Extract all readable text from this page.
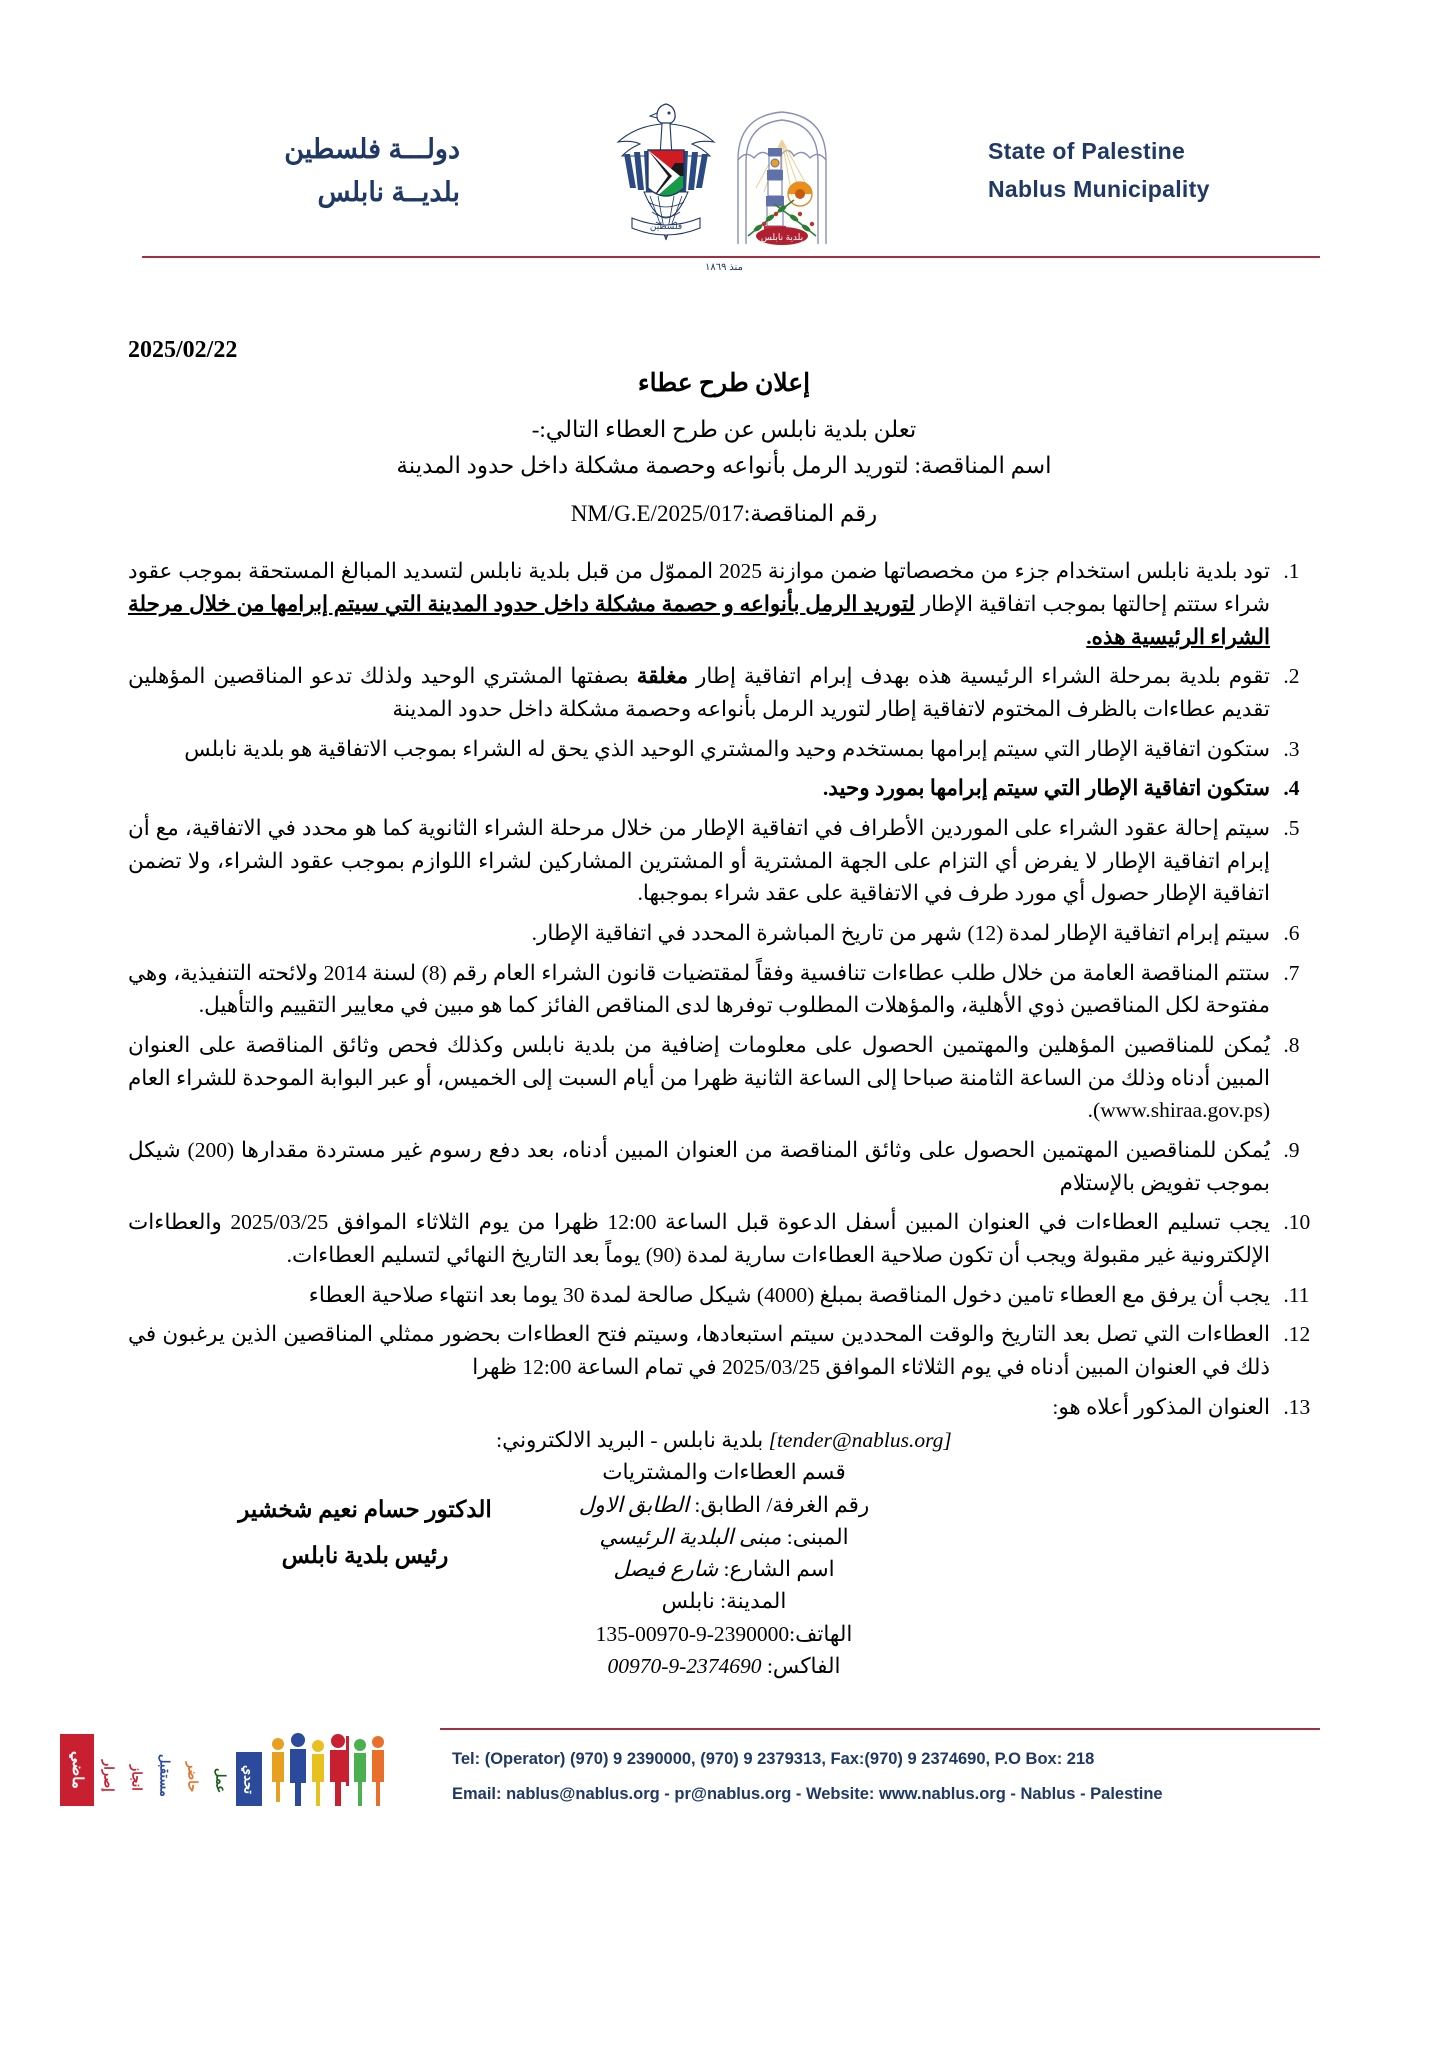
State of Palestine
Nablus Municipality
بلدية نابلس
فلسطين
دولـــة فلسطين
بلديــة نابلس
منذ ١٨٦٩
2025/02/22
إعلان طرح عطاء
تعلن بلدية نابلس عن طرح العطاء التالي:-
اسم المناقصة: لتوريد الرمل بأنواعه وحصمة مشكلة داخل حدود المدينة
رقم المناقصة:NM/G.E/2025/017
1. تود بلدية نابلس استخدام جزء من مخصصاتها ضمن موازنة 2025 المموّل من قبل بلدية نابلس لتسديد المبالغ المستحقة بموجب عقود شراء ستتم إحالتها بموجب اتفاقية الإطار لتوريد الرمل بأنواعه و حصمة مشكلة داخل حدود المدينة التي سيتم إبرامها من خلال مرحلة الشراء الرئيسية هذه.
2. تقوم بلدية بمرحلة الشراء الرئيسية هذه بهدف إبرام اتفاقية إطار مغلقة بصفتها المشتري الوحيد ولذلك تدعو المناقصين المؤهلين تقديم عطاءات بالظرف المختوم لاتفاقية إطار لتوريد الرمل بأنواعه وحصمة مشكلة داخل حدود المدينة
3. ستكون اتفاقية الإطار التي سيتم إبرامها بمستخدم وحيد والمشتري الوحيد الذي يحق له الشراء بموجب الاتفاقية هو بلدية نابلس
4. ستكون اتفاقية الإطار التي سيتم إبرامها بمورد وحيد.
5. سيتم إحالة عقود الشراء على الموردين الأطراف في اتفاقية الإطار من خلال مرحلة الشراء الثانوية كما هو محدد في الاتفاقية، مع أن إبرام اتفاقية الإطار لا يفرض أي التزام على الجهة المشترية أو المشترين المشاركين لشراء اللوازم بموجب عقود الشراء، ولا تضمن اتفاقية الإطار حصول أي مورد طرف في الاتفاقية على عقد شراء بموجبها.
6. سيتم إبرام اتفاقية الإطار لمدة (12) شهر من تاريخ المباشرة المحدد في اتفاقية الإطار.
7. ستتم المناقصة العامة من خلال طلب عطاءات تنافسية وفقاً لمقتضيات قانون الشراء العام رقم (8) لسنة 2014 ولائحته التنفيذية، وهي مفتوحة لكل المناقصين ذوي الأهلية، والمؤهلات المطلوب توفرها لدى المناقص الفائز كما هو مبين في معايير التقييم والتأهيل.
8. يُمكن للمناقصين المؤهلين والمهتمين الحصول على معلومات إضافية من بلدية نابلس وكذلك فحص وثائق المناقصة على العنوان المبين أدناه وذلك من الساعة الثامنة صباحا إلى الساعة الثانية ظهرا من أيام السبت إلى الخميس، أو عبر البوابة الموحدة للشراء العام (www.shiraa.gov.ps).
9. يُمكن للمناقصين المهتمين الحصول على وثائق المناقصة من العنوان المبين أدناه، بعد دفع رسوم غير مستردة مقدارها (200) شيكل بموجب تفويض بالإستلام
10. يجب تسليم العطاءات في العنوان المبين أسفل الدعوة قبل الساعة 12:00 ظهرا من يوم الثلاثاء الموافق 2025/03/25 والعطاءات الإلكترونية غير مقبولة ويجب أن تكون صلاحية العطاءات سارية لمدة (90) يوماً بعد التاريخ النهائي لتسليم العطاءات.
11. يجب أن يرفق مع العطاء تامين دخول المناقصة بمبلغ (4000) شيكل صالحة لمدة 30 يوما بعد انتهاء صلاحية العطاء
12. العطاءات التي تصل بعد التاريخ والوقت المحددين سيتم استبعادها، وسيتم فتح العطاءات بحضور ممثلي المناقصين الذين يرغبون في ذلك في العنوان المبين أدناه في يوم الثلاثاء الموافق 2025/03/25 في تمام الساعة 12:00 ظهرا
13. العنوان المذكور أعلاه هو:
[tender@nablus.org] بلدية نابلس - البريد الالكتروني:
قسم العطاءات والمشتريات
رقم الغرفة/ الطابق: الطابق الاول
المبنى: مبنى البلدية الرئيسي
اسم الشارع: شارع فيصل
المدينة: نابلس
الهاتف:135-00970-9-2390000
الفاكس: 00970-9-2374690
الدكتور حسام نعيم شخشير
رئيس بلدية نابلس
تحدي
عمل
حاضر
مستقبل
انجاز
إصرار
ماضي	Tel: (Operator) (970) 9 2390000, (970) 9 2379313, Fax:(970) 9 2374690, P.O Box: 218
Email: nablus@nablus.org - pr@nablus.org - Website: www.nablus.org - Nablus - Palestine
